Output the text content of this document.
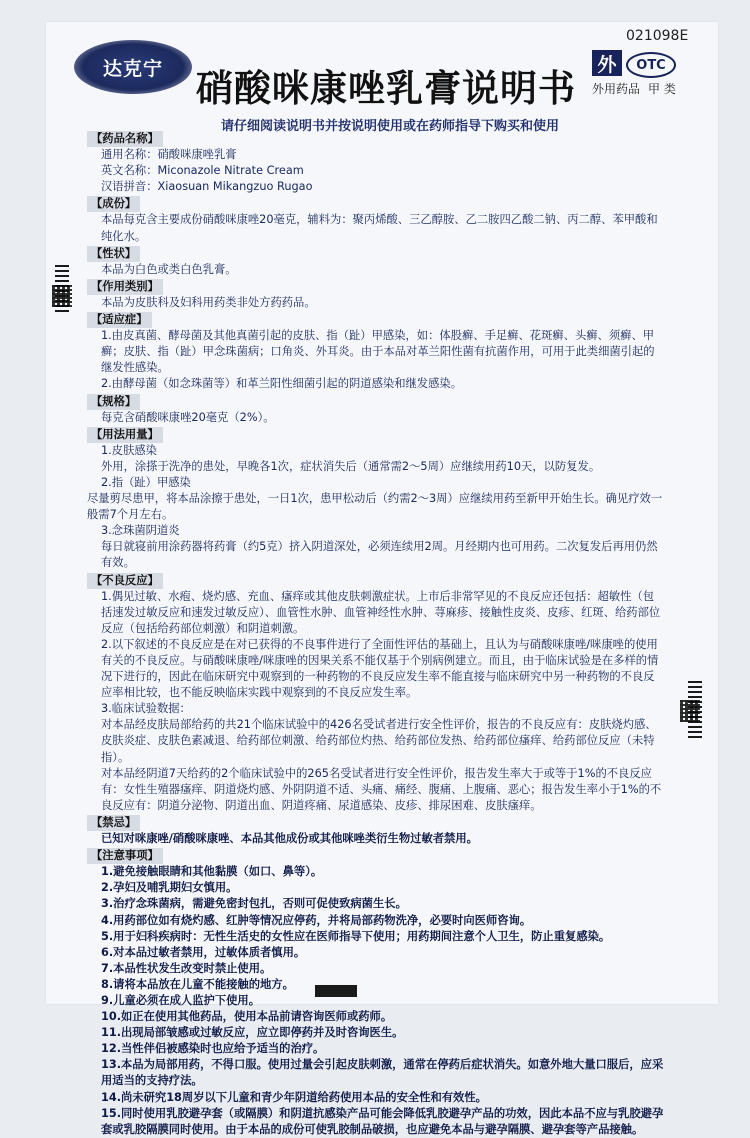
达克宁 硝酸咪康唑乳膏说明书
请仔细阅读说明书并按说明使用或在药师指导下购买和使用
021098E
外	OTC
外用药品 甲 类
【药品名称】

通用名称：硝酸咪康唑乳膏

英文名称：Miconazole Nitrate Cream

汉语拼音：Xiaosuan Mikangzuo Rugao

【成份】

本品每克含主要成份硝酸咪康唑20毫克，辅料为：聚丙烯酸、三乙醇胺、乙二胺四乙酸二钠、丙二醇、苯甲酸和纯化水。

【性状】

本品为白色或类白色乳膏。

【作用类别】

本品为皮肤科及妇科用药类非处方药药品。

【适应症】

1.由皮真菌、酵母菌及其他真菌引起的皮肤、指（趾）甲感染，如：体股癣、手足癣、花斑癣、头癣、须癣、甲癣；皮肤、指（趾）甲念珠菌病；口角炎、外耳炎。由于本品对革兰阳性菌有抗菌作用，可用于此类细菌引起的继发性感染。

2.由酵母菌（如念珠菌等）和革兰阳性细菌引起的阴道感染和继发感染。

【规格】

每克含硝酸咪康唑20毫克（2%）。

【用法用量】

1.皮肤感染

外用，涂搽于洗净的患处，早晚各1次，症状消失后（通常需2～5周）应继续用药10天，以防复发。

2.指（趾）甲感染

尽量剪尽患甲，将本品涂擦于患处，一日1次，患甲松动后（约需2～3周）应继续用药至新甲开始生长。确见疗效一般需7个月左右。

3.念珠菌阴道炎

每日就寝前用涂药器将药膏（约5克）挤入阴道深处，必须连续用2周。月经期内也可用药。二次复发后再用仍然有效。

【不良反应】

1.偶见过敏、水疱、烧灼感、充血、瘙痒或其他皮肤刺激症状。上市后非常罕见的不良反应还包括：超敏性（包括速发过敏反应和速发过敏反应）、血管性水肿、血管神经性水肿、荨麻疹、接触性皮炎、皮疹、红斑、给药部位反应（包括给药部位刺激）和阴道刺激。

2.以下叙述的不良反应是在对已获得的不良事件进行了全面性评估的基础上，且认为与硝酸咪康唑/咪康唑的使用有关的不良反应。与硝酸咪康唑/咪康唑的因果关系不能仅基于个别病例建立。而且，由于临床试验是在多样的情况下进行的，因此在临床研究中观察到的一种药物的不良反应发生率不能直接与临床研究中另一种药物的不良反应率相比较，也不能反映临床实践中观察到的不良反应发生率。

3.临床试验数据：

对本品经皮肤局部给药的共21个临床试验中的426名受试者进行安全性评价，报告的不良反应有：皮肤烧灼感、皮肤炎症、皮肤色素减退、给药部位刺激、给药部位灼热、给药部位发热、给药部位瘙痒、给药部位反应（未特指）。

对本品经阴道7天给药的2个临床试验中的265名受试者进行安全性评价，报告发生率大于或等于1%的不良反应有：女性生殖器瘙痒、阴道烧灼感、外阴阴道不适、头痛、痛经、腹痛、上腹痛、恶心；报告发生率小于1%的不良反应有：阴道分泌物、阴道出血、阴道疼痛、尿道感染、皮疹、排尿困难、皮肤瘙痒。

【禁忌】

已知对咪康唑/硝酸咪康唑、本品其他成份或其他咪唑类衍生物过敏者禁用。

【注意事项】

1.避免接触眼睛和其他黏膜（如口、鼻等）。

2.孕妇及哺乳期妇女慎用。

3.治疗念珠菌病，需避免密封包扎，否则可促使致病菌生长。

4.用药部位如有烧灼感、红肿等情况应停药，并将局部药物洗净，必要时向医师咨询。

5.用于妇科疾病时：无性生活史的女性应在医师指导下使用；用药期间注意个人卫生，防止重复感染。

6.对本品过敏者禁用，过敏体质者慎用。

7.本品性状发生改变时禁止使用。

8.请将本品放在儿童不能接触的地方。

9.儿童必须在成人监护下使用。

10.如正在使用其他药品，使用本品前请咨询医师或药师。

11.出现局部皱感或过敏反应，应立即停药并及时咨询医生。

12.当性伴侣被感染时也应给予适当的治疗。

13.本品为局部用药，不得口服。使用过量会引起皮肤刺激，通常在停药后症状消失。如意外地大量口服后，应采用适当的支持疗法。

14.尚未研究18周岁以下儿童和青少年阴道给药使用本品的安全性和有效性。

15.同时使用乳胶避孕套（或隔膜）和阴道抗感染产品可能会降低乳胶避孕产品的功效，因此本品不应与乳胶避孕套或乳胶隔膜同时使用。由于本品的成份可使乳胶制品破损，也应避免本品与避孕隔膜、避孕套等产品接触。
